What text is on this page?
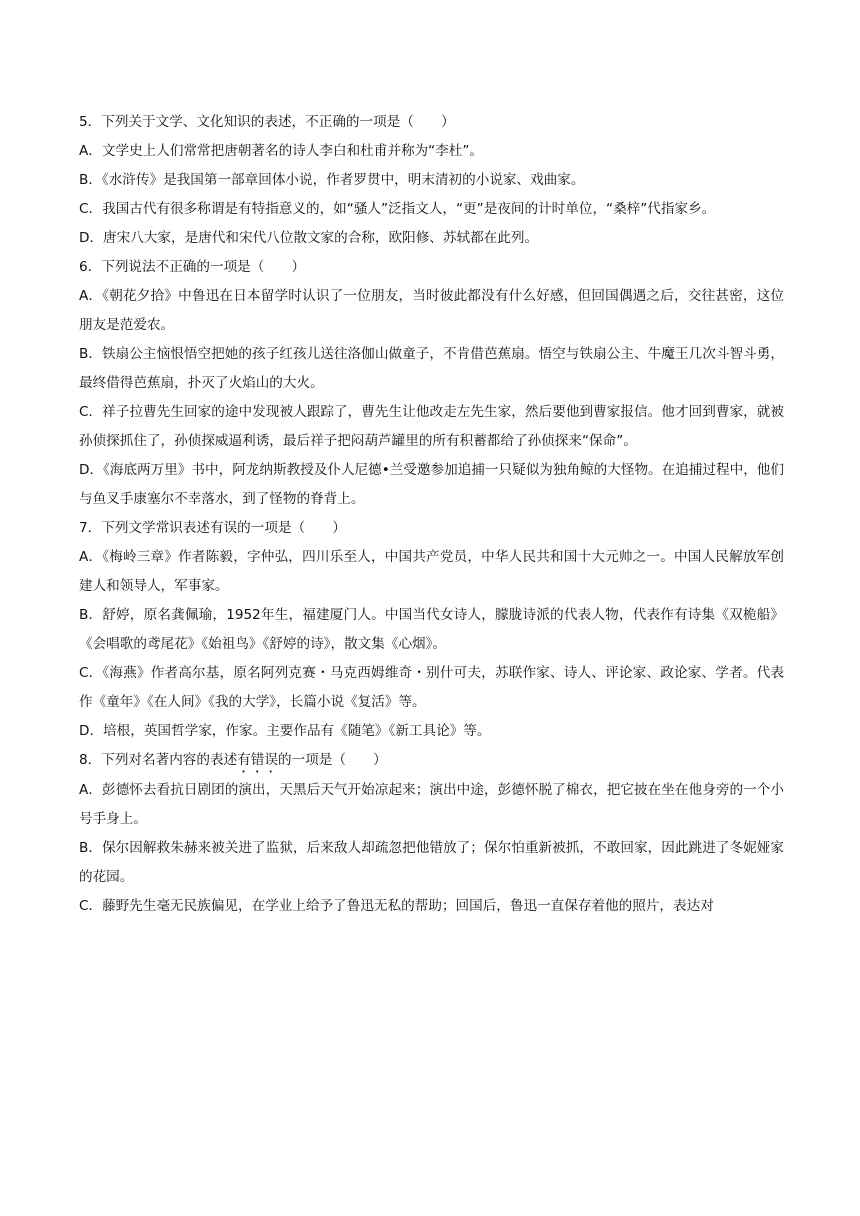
5．下列关于文学、文化知识的表述，不正确的一项是（　　）

A．文学史上人们常常把唐朝著名的诗人李白和杜甫并称为“李杜”。

B．《水浒传》是我国第一部章回体小说，作者罗贯中，明末清初的小说家、戏曲家。

C．我国古代有很多称谓是有特指意义的，如“骚人”泛指文人，“更”是夜间的计时单位，“桑梓”代指家乡。

D．唐宋八大家，是唐代和宋代八位散文家的合称，欧阳修、苏轼都在此列。

6．下列说法不正确的一项是（　　）

A．《朝花夕拾》中鲁迅在日本留学时认识了一位朋友，当时彼此都没有什么好感，但回国偶遇之后，交往甚密，这位朋友是范爱农。

B．铁扇公主恼恨悟空把她的孩子红孩儿送往洛伽山做童子，不肯借芭蕉扇。悟空与铁扇公主、牛魔王几次斗智斗勇，最终借得芭蕉扇，扑灭了火焰山的大火。

C．祥子拉曹先生回家的途中发现被人跟踪了，曹先生让他改走左先生家，然后要他到曹家报信。他才回到曹家，就被孙侦探抓住了，孙侦探威逼利诱，最后祥子把闷葫芦罐里的所有积蓄都给了孙侦探来“保命”。

D．《海底两万里》书中，阿龙纳斯教授及仆人尼德•兰受邀参加追捕一只疑似为独角鲸的大怪物。在追捕过程中，他们与鱼叉手康塞尔不幸落水，到了怪物的脊背上。

7．下列文学常识表述有误的一项是（　　）

A．《梅岭三章》作者陈毅，字仲弘，四川乐至人，中国共产党员，中华人民共和国十大元帅之一。中国人民解放军创建人和领导人，军事家。

B．舒婷，原名龚佩瑜，1952年生，福建厦门人。中国当代女诗人，朦胧诗派的代表人物，代表作有诗集《双桅船》《会唱歌的鸢尾花》《始祖鸟》《舒婷的诗》，散文集《心烟》。

C．《海燕》作者高尔基，原名阿列克赛・马克西姆维奇・别什可夫，苏联作家、诗人、评论家、政论家、学者。代表作《童年》《在人间》《我的大学》，长篇小说《复活》等。

D．培根，英国哲学家，作家。主要作品有《随笔》《新工具论》等。

8．下列对名著内容的表述有错误的一项是（　　）

A．彭德怀去看抗日剧团的演出，天黑后天气开始凉起来；演出中途，彭德怀脱了棉衣，把它披在坐在他身旁的一个小号手身上。

B．保尔因解救朱赫来被关进了监狱，后来敌人却疏忽把他错放了；保尔怕重新被抓，不敢回家，因此跳进了冬妮娅家的花园。

C．藤野先生毫无民族偏见，在学业上给予了鲁迅无私的帮助；回国后，鲁迅一直保存着他的照片，表达对
